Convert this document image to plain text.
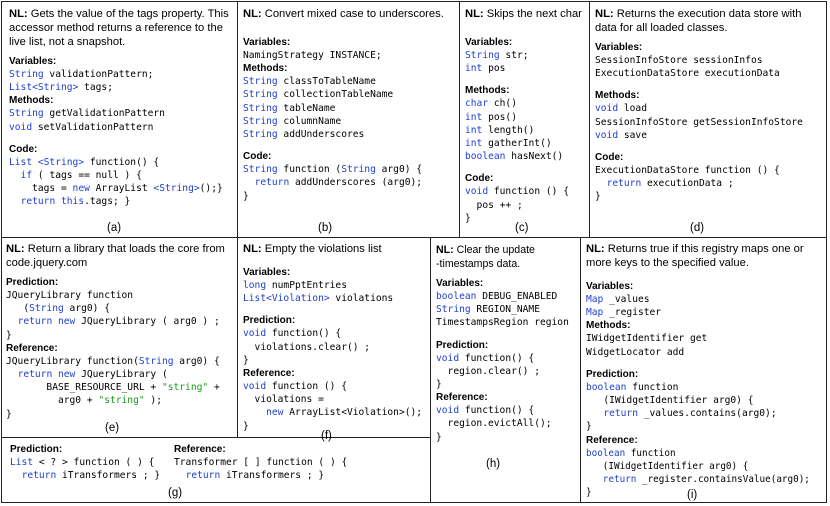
NL: Gets the value of the tags property. This accessor method returns a reference to the live list, not a snapshot.

Variables:

String validationPattern;
List<String> tags;

Methods:

String getValidationPattern
void setValidationPattern

Code:

List <String> function() {
if ( tags == null ) {
tags = new ArrayList <String>();}
return this.tags; }
(a)

NL: Convert mixed case to underscores.

Variables:

NamingStrategy INSTANCE;

Methods:

String classToTableName
String collectionTableName
String tableName
String columnName
String addUnderscores

Code:

String function (String arg0) {
return addUnderscores (arg0);
}
(b)

NL: Skips the next char

Variables:

String str;
int pos

Methods:

char ch()
int pos()
int length()
int gatherInt()
boolean hasNext()

Code:

void function () {
pos ++ ;
}
(c)

NL: Returns the execution data store with data for all loaded classes.

Variables:

SessionInfoStore sessionInfos
ExecutionDataStore executionData

Methods:

void load
SessionInfoStore getSessionInfoStore
void save

Code:

ExecutionDataStore function () {
return executionData ;
}
(d)

NL: Return a library that loads the core from code.jquery.com

Prediction:

JQueryLibrary function
(String arg0) {
return new JQueryLibrary ( arg0 ) ;
}

Reference:

JQueryLibrary function(String arg0) {
return new JQueryLibrary (
BASE_RESOURCE_URL + "string" +
arg0 + "string" );
}
(e)

NL: Empty the violations list

Variables:

long numPptEntries
List<Violation> violations

Prediction:

void function() {
violations.clear() ;
}

Reference:

void function () {
violations =
new ArrayList<Violation>();
}
(f)

Prediction:

List < ? > function ( ) {
return iTransformers ; }

Reference:

Transformer [ ] function ( ) {
return iTransformers ; }
(g)

NL: Clear the update
-timestamps data.

Variables:

boolean DEBUG_ENABLED
String REGION_NAME
TimestampsRegion region

Prediction:

void function() {
region.clear() ;
}

Reference:

void function() {
region.evictAll();
}
(h)

NL: Returns true if this registry maps one or more keys to the specified value.

Variables:

Map _values
Map _register

Methods:

IWidgetIdentifier get
WidgetLocator add

Prediction:

boolean function
(IWidgetIdentifier arg0) {
return _values.contains(arg0);
}

Reference:

boolean function
(IWidgetIdentifier arg0) {
return _register.containsValue(arg0);
}	(i)
